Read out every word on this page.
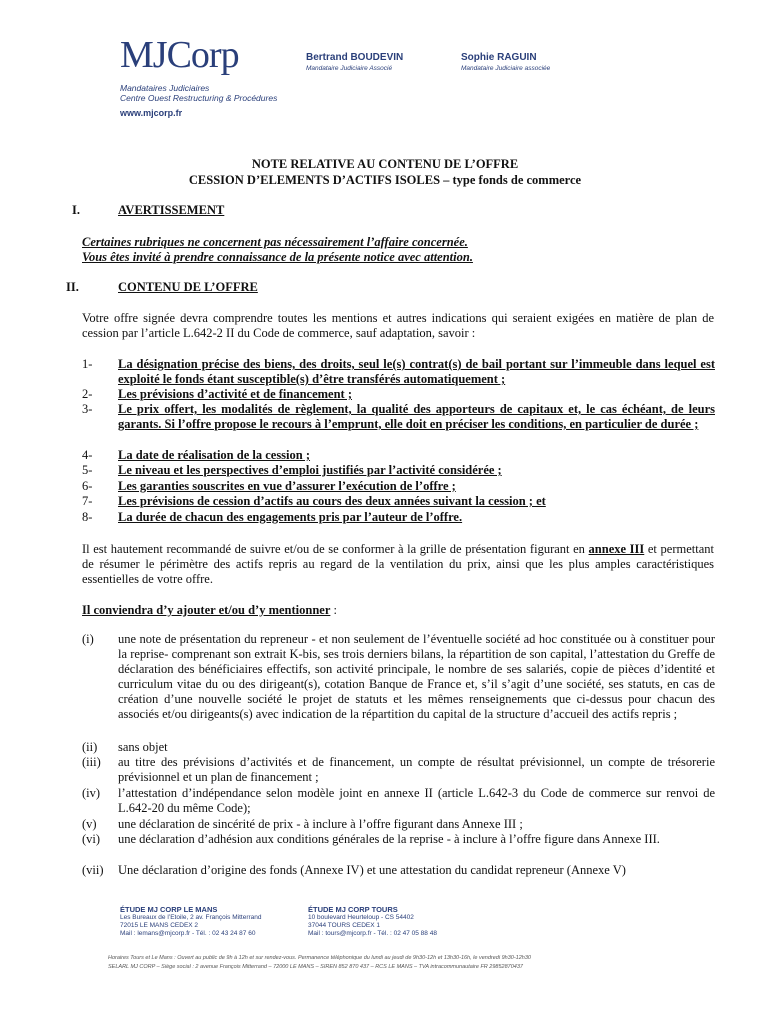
MJCorp
Mandataires Judiciaires
Centre Ouest Restructuring & Procédures
www.mjcorp.fr
Bertrand BOUDEVIN
Mandataire Judiciaire Associé
Sophie RAGUIN
Mandataire Judiciaire associée
NOTE RELATIVE AU CONTENU DE L’OFFRE
CESSION D’ELEMENTS D’ACTIFS ISOLES – type fonds de commerce
I.	AVERTISSEMENT
Certaines rubriques ne concernent pas nécessairement l’affaire concernée.
Vous êtes invité à prendre connaissance de la présente notice avec attention.
II.	CONTENU DE L’OFFRE
Votre offre signée devra comprendre toutes les mentions et autres indications qui seraient exigées en matière de plan de cession par l’article L.642-2 II du Code de commerce, sauf adaptation, savoir :
1- La désignation précise des biens, des droits, seul le(s) contrat(s) de bail portant sur l’immeuble dans lequel est exploité le fonds étant susceptible(s) d’être transférés automatiquement ;
2- Les prévisions d’activité et de financement ;
3- Le prix offert, les modalités de règlement, la qualité des apporteurs de capitaux et, le cas échéant, de leurs garants. Si l’offre propose le recours à l’emprunt, elle doit en préciser les conditions, en particulier de durée ;
4- La date de réalisation de la cession ;
5- Le niveau et les perspectives d’emploi justifiés par l’activité considérée ;
6- Les garanties souscrites en vue d’assurer l’exécution de l’offre ;
7- Les prévisions de cession d’actifs au cours des deux années suivant la cession ; et
8- La durée de chacun des engagements pris par l’auteur de l’offre.
Il est hautement recommandé de suivre et/ou de se conformer à la grille de présentation figurant en annexe III et permettant de résumer le périmètre des actifs repris au regard de la ventilation du prix, ainsi que les plus amples caractéristiques essentielles de votre offre.
Il conviendra d’y ajouter et/ou d’y mentionner :
(i) une note de présentation du repreneur - et non seulement de l’éventuelle société ad hoc constituée ou à constituer pour la reprise- comprenant son extrait K-bis, ses trois derniers bilans, la répartition de son capital, l’attestation du Greffe de déclaration des bénéficiaires effectifs, son activité principale, le nombre de ses salariés, copie de pièces d’identité et curriculum vitae du ou des dirigeant(s), cotation Banque de France et, s’il s’agit d’une société, ses statuts, en cas de création d’une nouvelle société le projet de statuts et les mêmes renseignements que ci-dessus pour chacun des associés et/ou dirigeants(s) avec indication de la répartition du capital de la structure d’accueil des actifs repris ;
(ii) sans objet
(iii) au titre des prévisions d’activités et de financement, un compte de résultat prévisionnel, un compte de trésorerie prévisionnel et un plan de financement ;
(iv) l’attestation d’indépendance selon modèle joint en annexe II (article L.642-3 du Code de commerce sur renvoi de L.642-20 du même Code);
(v) une déclaration de sincérité de prix - à inclure à l’offre figurant dans Annexe III ;
(vi) une déclaration d’adhésion aux conditions générales de la reprise - à inclure à l’offre figure dans Annexe III.
(vii) Une déclaration d’origine des fonds (Annexe IV) et une attestation du candidat repreneur (Annexe V)
ÉTUDE MJ CORP LE MANS
Les Bureaux de l’Etoile, 2 av. François Mitterrand
72015 LE MANS CEDEX 2
Mail : lemans@mjcorp.fr - Tél. : 02 43 24 87 60
ÉTUDE MJ CORP TOURS
10 boulevard Heurteloup - CS 54402
37044 TOURS CEDEX 1
Mail : tours@mjcorp.fr - Tél. : 02 47 05 88 48
Horaires Tours et Le Mans : Ouvert au public de 9h à 12h et sur rendez-vous. Permanence téléphonique du lundi au jeudi de 9h30-12h et 13h30-16h, le vendredi 9h30-12h30
SELARL MJ CORP – Siège social : 2 avenue François Mitterrand – 72000 LE MANS – SIREN 852 870 437 – RCS LE MANS – TVA intracommunautaire FR 29852870437
